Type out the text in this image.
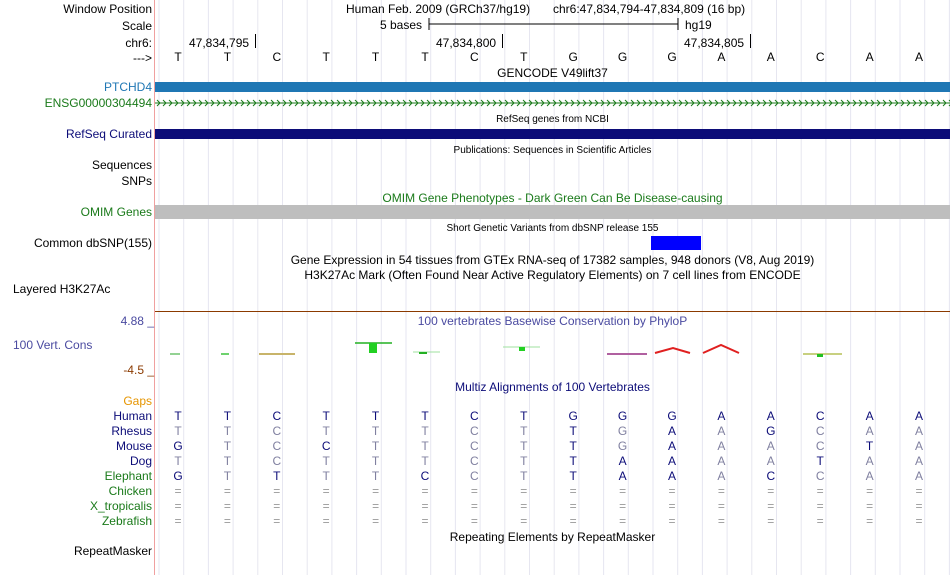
Window Position	Human Feb. 2009 (GRCh37/hg19) chr6:47,834,794-47,834,809 (16 bp)
Scale	5 bases	hg19
chr6:	47,834,795	47,834,800	47,834,805
--->	T	T	C	T	T	T	C	T	G	G	G	A	A	C	A	A
GENCODE V49lift37
PTCHD4
ENSG00000304494
RefSeq genes from NCBI
RefSeq Curated
Publications: Sequences in Scientific Articles
Sequences
SNPs
OMIM Gene Phenotypes - Dark Green Can Be Disease-causing
OMIM Genes
Short Genetic Variants from dbSNP release 155
Common dbSNP(155)
Gene Expression in 54 tissues from GTEx RNA-seq of 17382 samples, 948 donors (V8, Aug 2019)
H3K27Ac Mark (Often Found Near Active Regulatory Elements) on 7 cell lines from ENCODE
Layered H3K27Ac
100 vertebrates Basewise Conservation by PhyloP
4.88 _
100 Vert. Cons
-4.5 _
Multiz Alignments of 100 Vertebrates
Gaps
Human	T	T	C	T	T	T	C	T	G	G	G	A	A	C	A	A
Rhesus	T	T	C	T	T	T	C	T	T	G	A	A	G	C	A	A
Mouse	G	T	C	C	T	T	C	T	T	G	A	A	A	C	T	A
Dog	T	T	C	T	T	T	C	T	T	A	A	A	A	T	A	A
Elephant	G	T	T	T	T	C	C	T	T	A	A	A	C	C	A	A
Chicken	=	=	=	=	=	=	=	=	=	=	=	=	=	=	=	=
X_tropicalis	=	=	=	=	=	=	=	=	=	=	=	=	=	=	=	=
Zebrafish	=	=	=	=	=	=	=	=	=	=	=	=	=	=	=	=
Repeating Elements by RepeatMasker
RepeatMasker
